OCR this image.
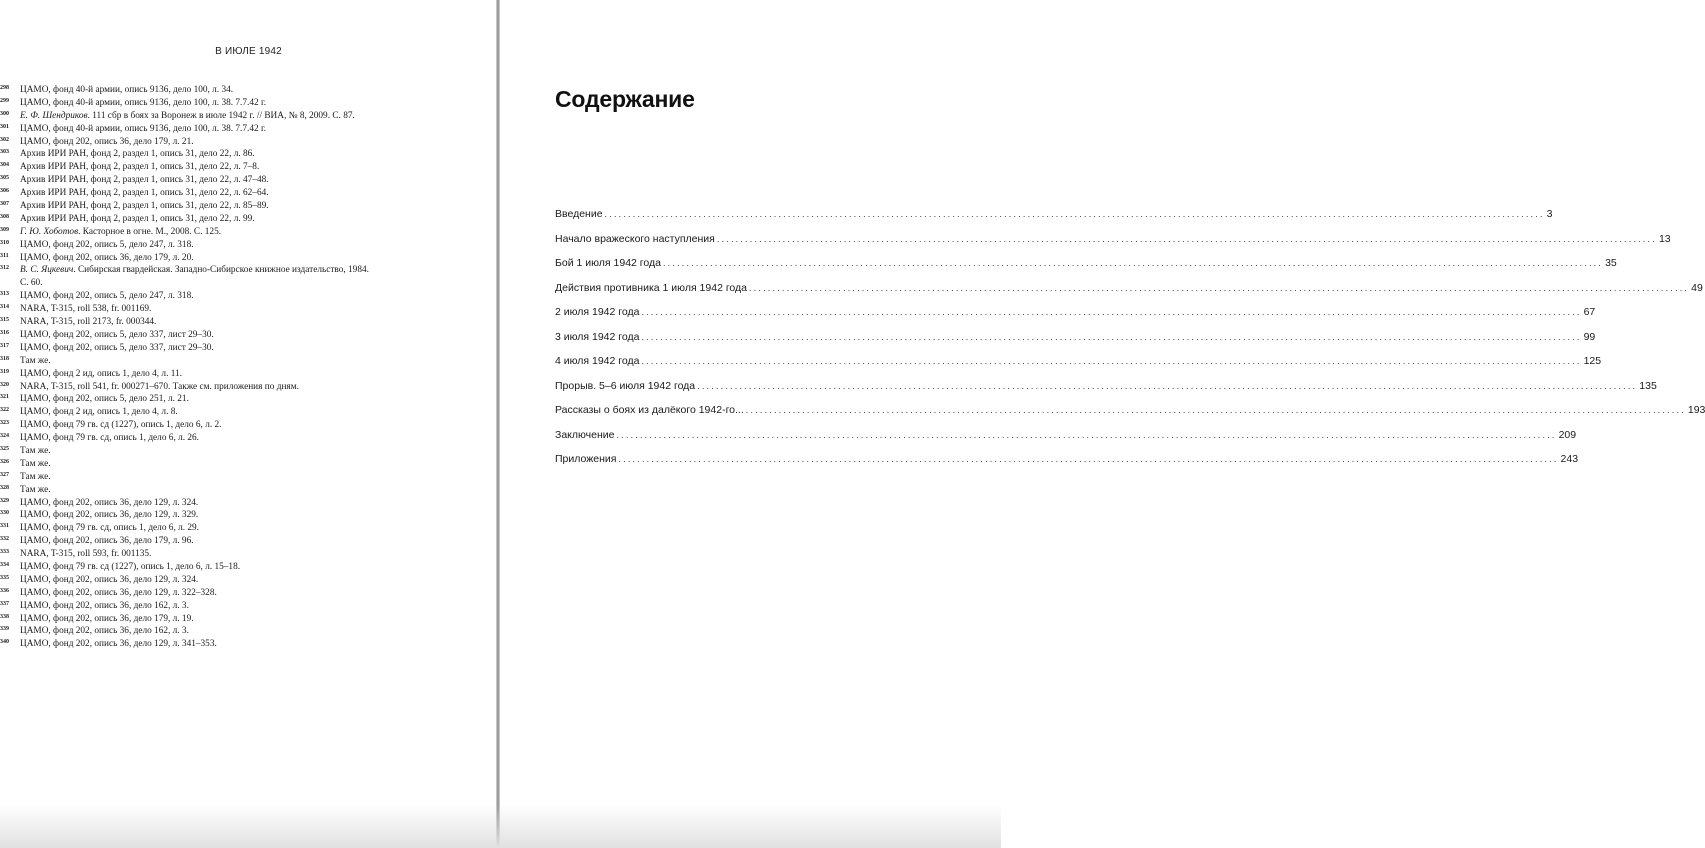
В ИЮЛЕ 1942
298 ЦАМО, фонд 40-й армии, опись 9136, дело 100, л. 34.
299 ЦАМО, фонд 40-й армии, опись 9136, дело 100, л. 38. 7.7.42 г.
300 Е. Ф. Шендриков. 111 сбр в боях за Воронеж в июле 1942 г. // ВИА, № 8, 2009. С. 87.
301 ЦАМО, фонд 40-й армии, опись 9136, дело 100, л. 38. 7.7.42 г.
302 ЦАМО, фонд 202, опись 36, дело 179, л. 21.
303 Архив ИРИ РАН, фонд 2, раздел 1, опись 31, дело 22, л. 86.
304 Архив ИРИ РАН, фонд 2, раздел 1, опись 31, дело 22, л. 7–8.
305 Архив ИРИ РАН, фонд 2, раздел 1, опись 31, дело 22, л. 47–48.
306 Архив ИРИ РАН, фонд 2, раздел 1, опись 31, дело 22, л. 62–64.
307 Архив ИРИ РАН, фонд 2, раздел 1, опись 31, дело 22, л. 85–89.
308 Архив ИРИ РАН, фонд 2, раздел 1, опись 31, дело 22, л. 99.
309 Г. Ю. Хоботов. Касторное в огне. М., 2008. С. 125.
310 ЦАМО, фонд 202, опись 5, дело 247, л. 318.
311 ЦАМО, фонд 202, опись 36, дело 179, л. 20.
312 В. С. Яцкевич. Сибирская гвардейская. Западно-Сибирское книжное издательство, 1984.
С. 60.
313 ЦАМО, фонд 202, опись 5, дело 247, л. 318.
314 NARA, T-315, roll 538, fr. 001169.
315 NARA, T-315, roll 2173, fr. 000344.
316 ЦАМО, фонд 202, опись 5, дело 337, лист 29–30.
317 ЦАМО, фонд 202, опись 5, дело 337, лист 29–30.
318 Там же.
319 ЦАМО, фонд 2 ид, опись 1, дело 4, л. 11.
320 NARA, T-315, roll 541, fr. 000271–670. Также см. приложения по дням.
321 ЦАМО, фонд 202, опись 5, дело 251, л. 21.
322 ЦАМО, фонд 2 ид, опись 1, дело 4, л. 8.
323 ЦАМО, фонд 79 гв. сд (1227), опись 1, дело 6, л. 2.
324 ЦАМО, фонд 79 гв. сд, опись 1, дело 6, л. 26.
325 Там же.
326 Там же.
327 Там же.
328 Там же.
329 ЦАМО, фонд 202, опись 36, дело 129, л. 324.
330 ЦАМО, фонд 202, опись 36, дело 129, л. 329.
331 ЦАМО, фонд 79 гв. сд, опись 1, дело 6, л. 29.
332 ЦАМО, фонд 202, опись 36, дело 179, л. 96.
333 NARA, T-315, roll 593, fr. 001135.
334 ЦАМО, фонд 79 гв. сд (1227), опись 1, дело 6, л. 15–18.
335 ЦАМО, фонд 202, опись 36, дело 129, л. 324.
336 ЦАМО, фонд 202, опись 36, дело 129, л. 322–328.
337 ЦАМО, фонд 202, опись 36, дело 162, л. 3.
338 ЦАМО, фонд 202, опись 36, дело 179, л. 19.
339 ЦАМО, фонд 202, опись 36, дело 162, л. 3.
340 ЦАМО, фонд 202, опись 36, дело 129, л. 341–353.
Содержание
Введение ........................................................................................................................................................................................................ 3
Начало вражеского наступления ........................................................................................................................................................................................................ 13
Бой 1 июля 1942 года ........................................................................................................................................................................................................ 35
Действия противника 1 июля 1942 года ........................................................................................................................................................................................................ 49
2 июля 1942 года ........................................................................................................................................................................................................ 67
3 июля 1942 года ........................................................................................................................................................................................................ 99
4 июля 1942 года ........................................................................................................................................................................................................ 125
Прорыв. 5–6 июля 1942 года ........................................................................................................................................................................................................ 135
Рассказы о боях из далёкого 1942-го... ........................................................................................................................................................................................................ 193
Заключение ........................................................................................................................................................................................................ 209
Приложения ........................................................................................................................................................................................................ 243
